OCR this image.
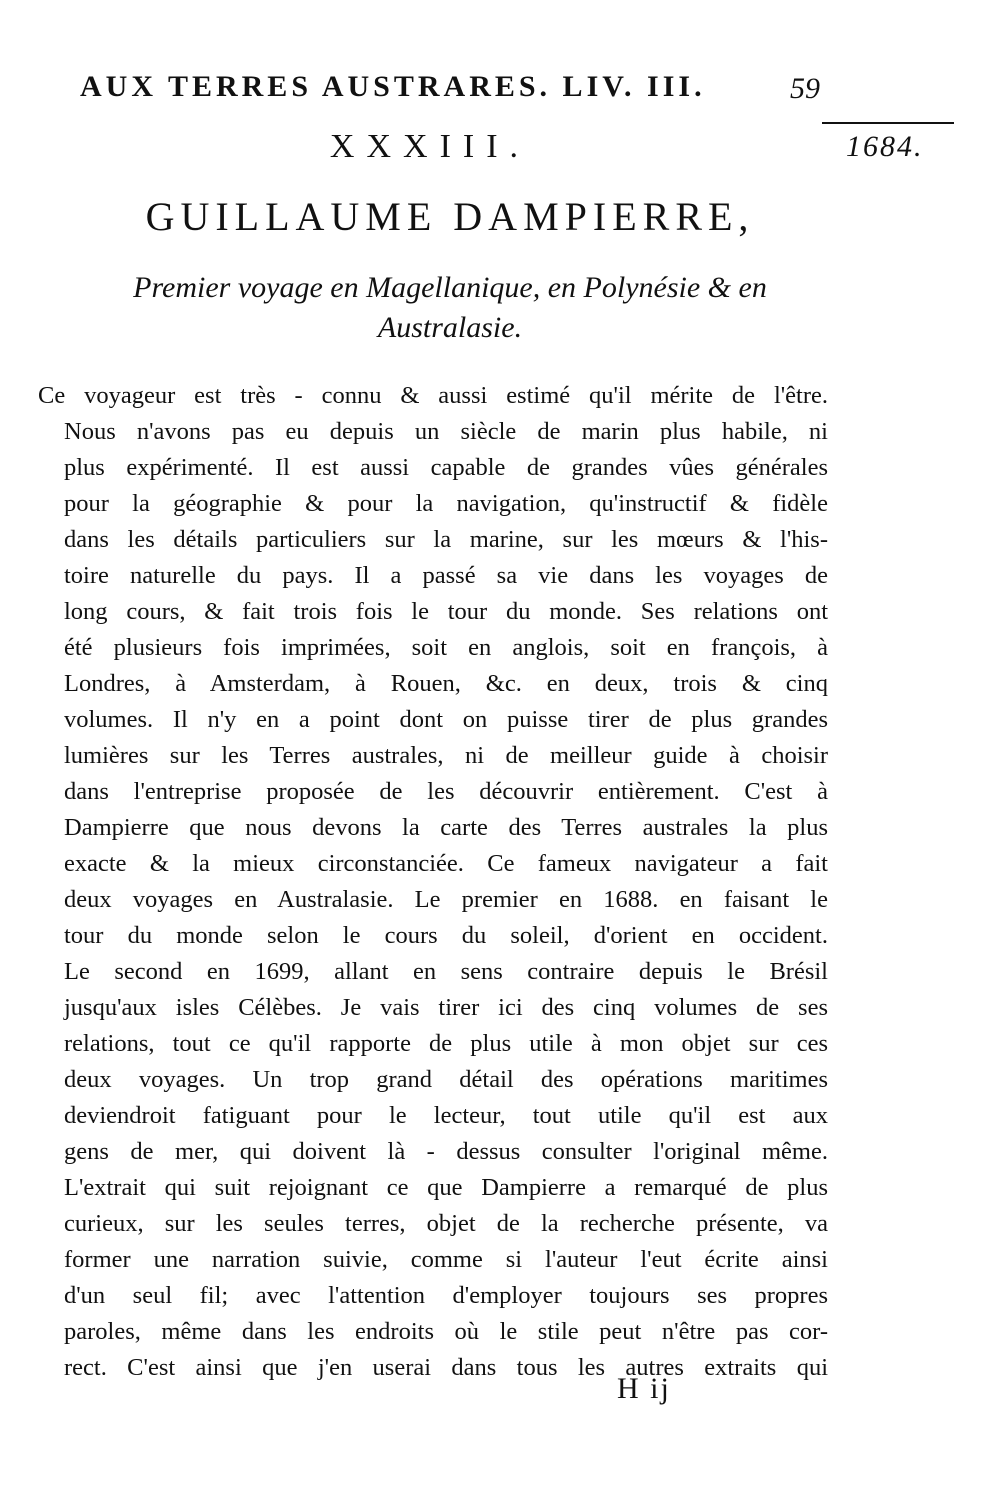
AUX TERRES AUSTRARES. LIV. III.	59
1684.
XXXIII.
GUILLAUME DAMPIERRE,
Premier voyage en Magellanique, en Polynésie & en
Australasie.
Ce voyageur est très - connu & aussi estimé qu'il mérite de l'être.
Nous n'avons pas eu depuis un siècle de marin plus habile, ni
plus expérimenté. Il est aussi capable de grandes vûes générales
pour la géographie & pour la navigation, qu'instructif & fidèle
dans les détails particuliers sur la marine, sur les mœurs & l'his-
toire naturelle du pays. Il a passé sa vie dans les voyages de
long cours, & fait trois fois le tour du monde. Ses relations ont
été plusieurs fois imprimées, soit en anglois, soit en françois, à
Londres, à Amsterdam, à Rouen, &c. en deux, trois & cinq
volumes. Il n'y en a point dont on puisse tirer de plus grandes
lumières sur les Terres australes, ni de meilleur guide à choisir
dans l'entreprise proposée de les découvrir entièrement. C'est à
Dampierre que nous devons la carte des Terres australes la plus
exacte & la mieux circonstanciée. Ce fameux navigateur a fait
deux voyages en Australasie. Le premier en 1688. en faisant le
tour du monde selon le cours du soleil, d'orient en occident.
Le second en 1699, allant en sens contraire depuis le Brésil
jusqu'aux isles Célèbes. Je vais tirer ici des cinq volumes de ses
relations, tout ce qu'il rapporte de plus utile à mon objet sur ces
deux voyages. Un trop grand détail des opérations maritimes
deviendroit fatiguant pour le lecteur, tout utile qu'il est aux
gens de mer, qui doivent là - dessus consulter l'original même.
L'extrait qui suit rejoignant ce que Dampierre a remarqué de plus
curieux, sur les seules terres, objet de la recherche présente, va
former une narration suivie, comme si l'auteur l'eut écrite ainsi
d'un seul fil; avec l'attention d'employer toujours ses propres
paroles, même dans les endroits où le stile peut n'être pas cor-
rect. C'est ainsi que j'en userai dans tous les autres extraits qui
H ij
